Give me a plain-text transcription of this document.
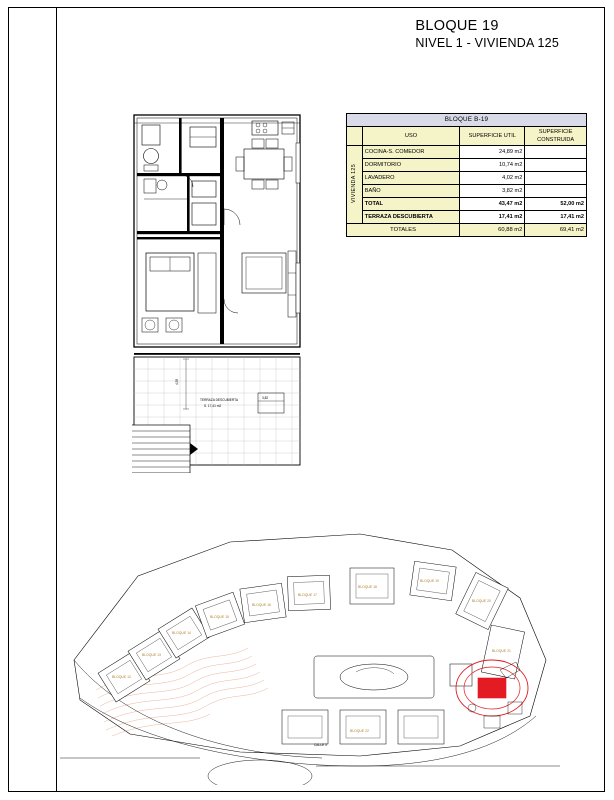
BLOQUE 19
NIVEL 1 - VIVIENDA 125
BLOQUE B-19			
	USO	SUPERFICIE UTIL	SUPERFICIE CONSTRUIDA
VIVIENDA 125	COCINA-S. COMEDOR	24,89 m2	
	DORMITORIO	10,74 m2	
	LAVADERO	4,02 m2	
	BAÑO	3,82 m2	
	TOTAL	43,47 m2	52,00 m2
	TERRAZA DESCUBIERTA	17,41 m2	17,41 m2
TOTALES		60,88 m2	69,41 m2
TERRAZA DESCUBIERTA
S. 17,41 m2
4,55
3,82
BLOQUE 12
BLOQUE 13
BLOQUE 14
BLOQUE 15
BLOQUE 16
BLOQUE 17
BLOQUE 18
BLOQUE 19
BLOQUE 20
BLOQUE 21
BLOQUE 22
CALLE 3
